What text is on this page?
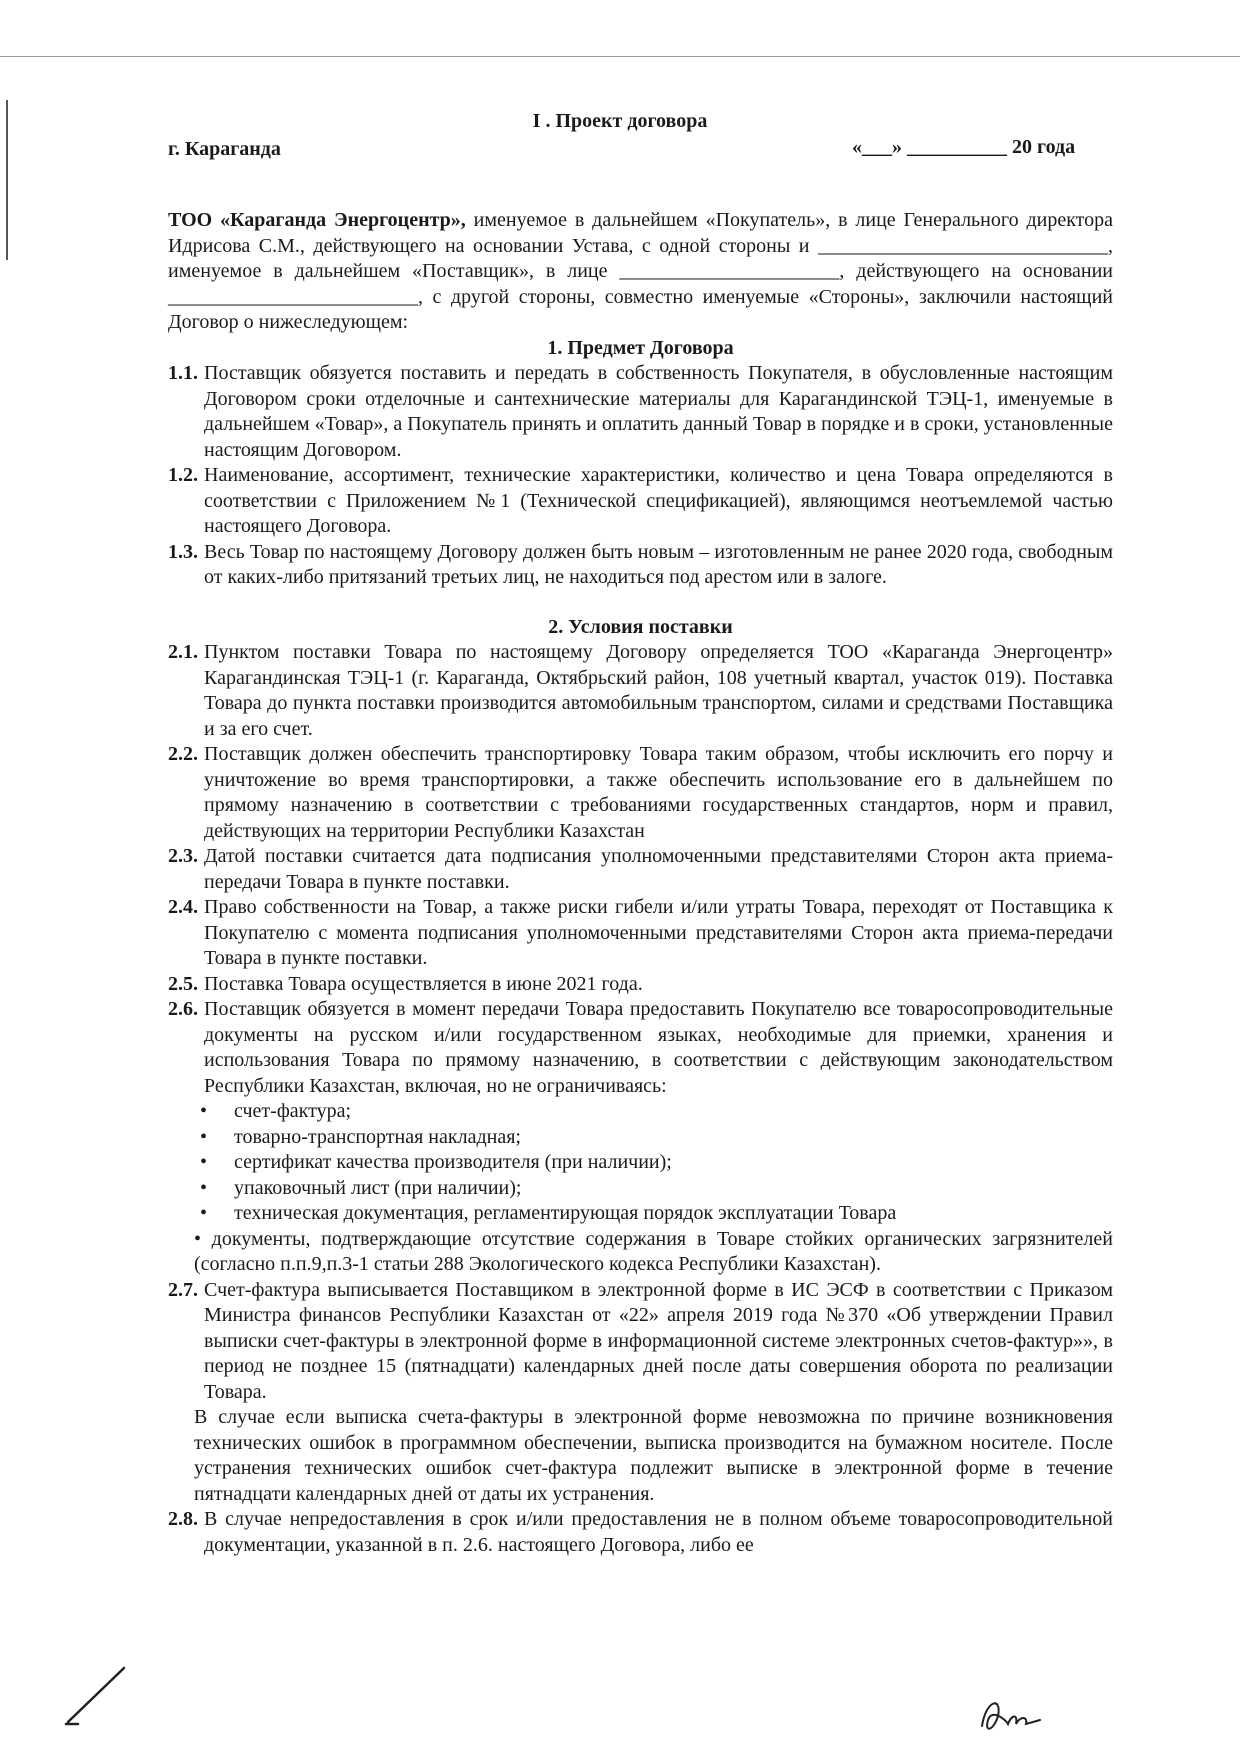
I . Проект договора
г. Караганда	«___» __________ 20 года

ТОО «Караганда Энергоцентр», именуемое в дальнейшем «Покупатель», в лице Генерального директора Идрисова С.М., действующего на основании Устава, с одной стороны и _____________________________, именуемое в дальнейшем «Поставщик», в лице ______________________, действующего на основании _________________________, с другой стороны, совместно именуемые «Стороны», заключили настоящий Договор о нижеследующем:

1. Предмет Договора

1.1. Поставщик обязуется поставить и передать в собственность Покупателя, в обусловленные настоящим Договором сроки отделочные и сантехнические материалы для Карагандинской ТЭЦ-1, именуемые в дальнейшем «Товар», а Покупатель принять и оплатить данный Товар в порядке и в сроки, установленные настоящим Договором.
1.2. Наименование, ассортимент, технические характеристики, количество и цена Товара определяются в соответствии с Приложением №1 (Технической спецификацией), являющимся неотъемлемой частью настоящего Договора.
1.3. Весь Товар по настоящему Договору должен быть новым – изготовленным не ранее 2020 года, свободным от каких-либо притязаний третьих лиц, не находиться под арестом или в залоге.

2. Условия поставки

2.1. Пунктом поставки Товара по настоящему Договору определяется ТОО «Караганда Энергоцентр» Карагандинская ТЭЦ-1 (г. Караганда, Октябрьский район, 108 учетный квартал, участок 019). Поставка Товара до пункта поставки производится автомобильным транспортом, силами и средствами Поставщика и за его счет.
2.2. Поставщик должен обеспечить транспортировку Товара таким образом, чтобы исключить его порчу и уничтожение во время транспортировки, а также обеспечить использование его в дальнейшем по прямому назначению в соответствии с требованиями государственных стандартов, норм и правил, действующих на территории Республики Казахстан
2.3. Датой поставки считается дата подписания уполномоченными представителями Сторон акта приема-передачи Товара в пункте поставки.
2.4. Право собственности на Товар, а также риски гибели и/или утраты Товара, переходят от Поставщика к Покупателю с момента подписания уполномоченными представителями Сторон акта приема-передачи Товара в пункте поставки.
2.5. Поставка Товара осуществляется в июне 2021 года.
2.6. Поставщик обязуется в момент передачи Товара предоставить Покупателю все товаросопроводительные документы на русском и/или государственном языках, необходимые для приемки, хранения и использования Товара по прямому назначению, в соответствии с действующим законодательством Республики Казахстан, включая, но не ограничиваясь:
• счет-фактура;
• товарно-транспортная накладная;
• сертификат качества производителя (при наличии);
• упаковочный лист (при наличии);
• техническая документация, регламентирующая порядок эксплуатации Товара

• документы, подтверждающие отсутствие содержания в Товаре стойких органических загрязнителей (согласно п.п.9,п.3-1 статьи 288 Экологического кодекса Республики Казахстан).

2.7. Счет-фактура выписывается Поставщиком в электронной форме в ИС ЭСФ в соответствии с Приказом Министра финансов Республики Казахстан от «22» апреля 2019 года №370 «Об утверждении Правил выписки счет-фактуры в электронной форме в информационной системе электронных счетов-фактур»», в период не позднее 15 (пятнадцати) календарных дней после даты совершения оборота по реализации Товара.

В случае если выписка счета-фактуры в электронной форме невозможна по причине возникновения технических ошибок в программном обеспечении, выписка производится на бумажном носителе. После устранения технических ошибок счет-фактура подлежит выписке в электронной форме в течение пятнадцати календарных дней от даты их устранения.

2.8. В случае непредоставления в срок и/или предоставления не в полном объеме товаросопроводительной документации, указанной в п. 2.6. настоящего Договора, либо ее
